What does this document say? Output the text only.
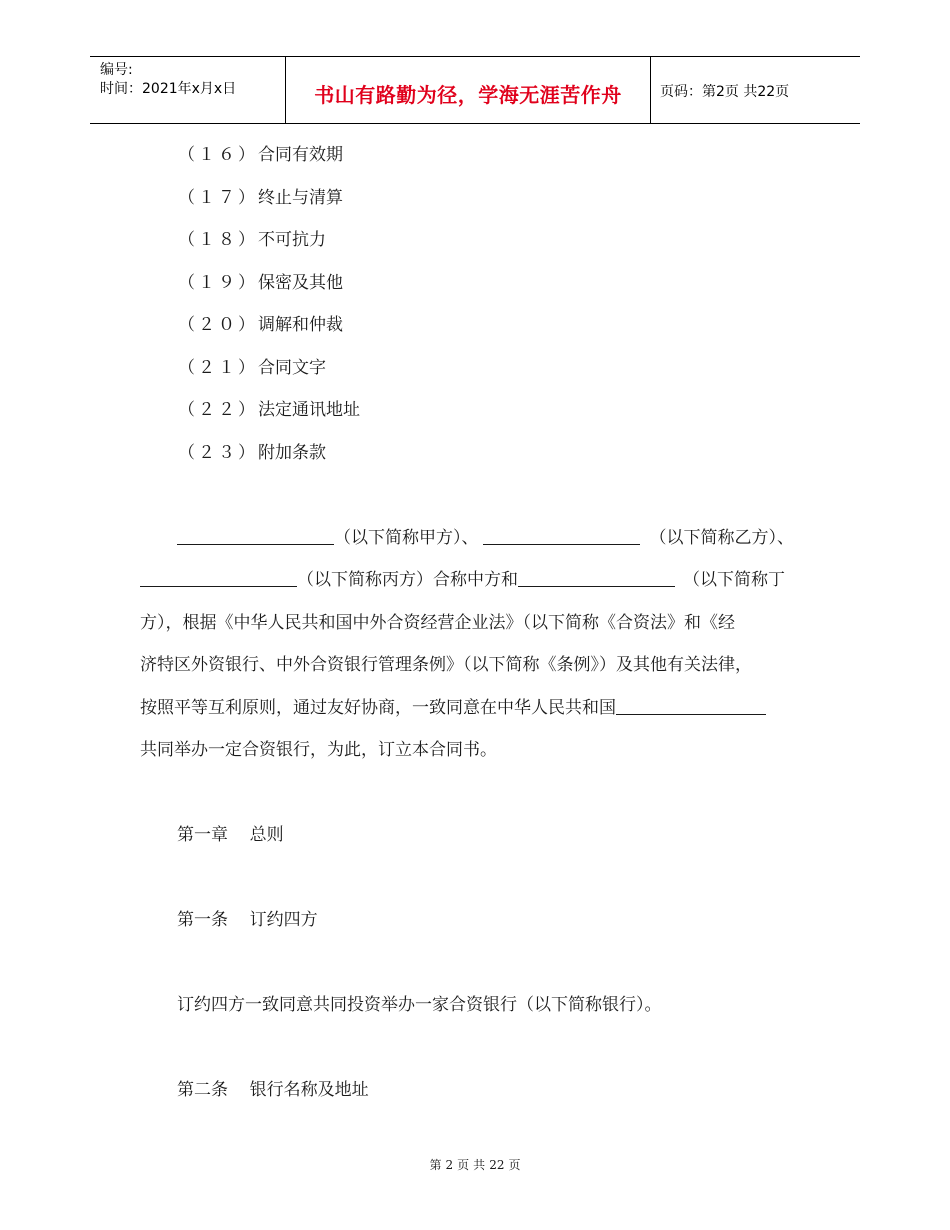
编号:
时间：2021年x月x日	书山有路勤为径，学海无涯苦作舟	页码：第2页 共22页
（１６）合同有效期
（１７）终止与清算
（１８）不可抗力
（１９）保密及其他
（２０）调解和仲裁
（２１）合同文字
（２２）法定通讯地址
（２３）附加条款
（以下简称甲方）、	（以下简称乙方）、
（以下简称丙方）合称中方和	（以下简称丁
方），根据《中华人民共和国中外合资经营企业法》（以下简称《合资法》和《经
济特区外资银行、中外合资银行管理条例》（以下简称《条例》）及其他有关法律，
按照平等互利原则，通过友好协商，一致同意在中华人民共和国
共同举办一定合资银行，为此，订立本合同书。
第一章    总则
第一条    订约四方
订约四方一致同意共同投资举办一家合资银行（以下简称银行）。
第二条    银行名称及地址
第 2 页 共 22 页
